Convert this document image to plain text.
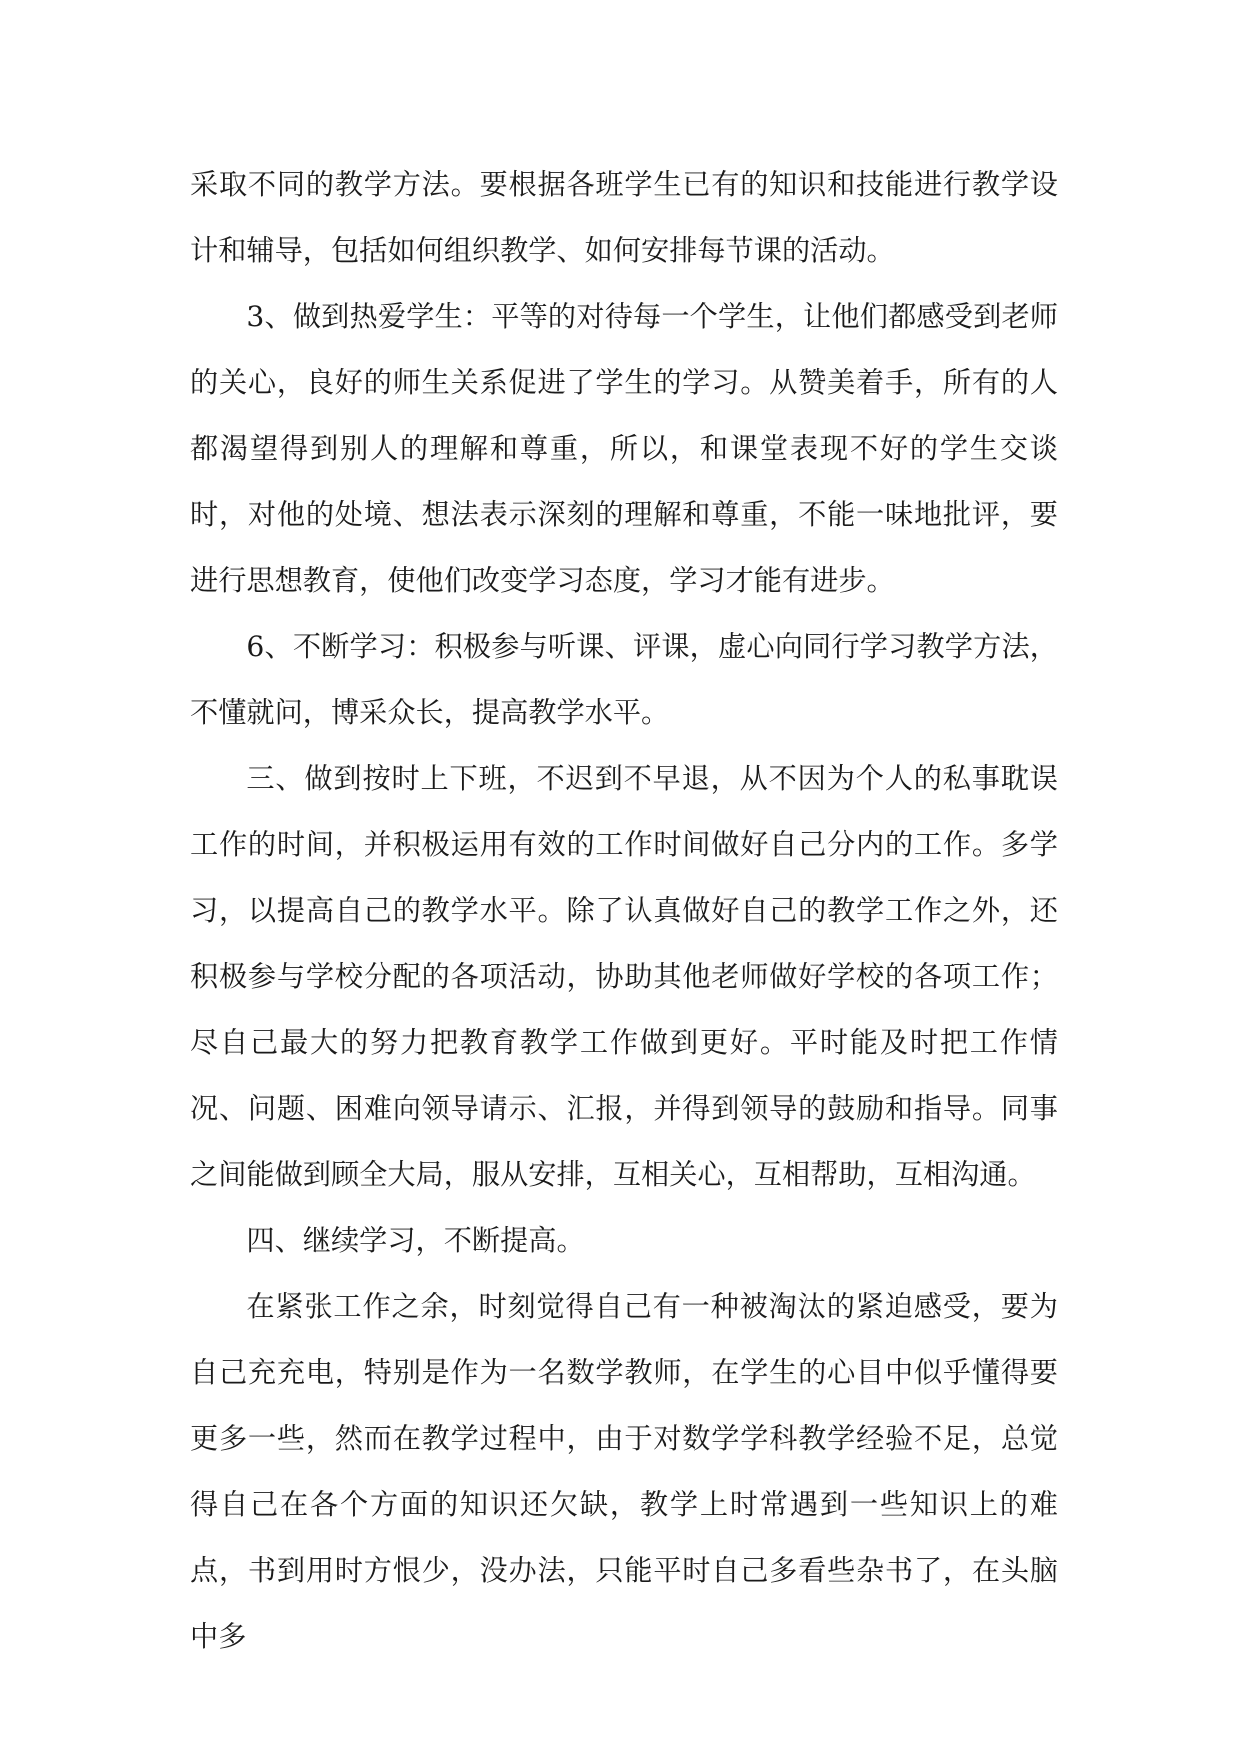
采取不同的教学方法。要根据各班学生已有的知识和技能进行教学设计和辅导，包括如何组织教学、如何安排每节课的活动。

3、做到热爱学生：平等的对待每一个学生，让他们都感受到老师的关心，良好的师生关系促进了学生的学习。从赞美着手，所有的人都渴望得到别人的理解和尊重，所以，和课堂表现不好的学生交谈时，对他的处境、想法表示深刻的理解和尊重，不能一味地批评，要进行思想教育，使他们改变学习态度，学习才能有进步。

6、不断学习：积极参与听课、评课，虚心向同行学习教学方法，不懂就问，博采众长，提高教学水平。

三、做到按时上下班，不迟到不早退，从不因为个人的私事耽误工作的时间，并积极运用有效的工作时间做好自己分内的工作。多学习，以提高自己的教学水平。除了认真做好自己的教学工作之外，还积极参与学校分配的各项活动，协助其他老师做好学校的各项工作；尽自己最大的努力把教育教学工作做到更好。平时能及时把工作情况、问题、困难向领导请示、汇报，并得到领导的鼓励和指导。同事之间能做到顾全大局，服从安排，互相关心，互相帮助，互相沟通。

四、继续学习，不断提高。

在紧张工作之余，时刻觉得自己有一种被淘汰的紧迫感受，要为自己充充电，特别是作为一名数学教师，在学生的心目中似乎懂得要更多一些，然而在教学过程中，由于对数学学科教学经验不足，总觉得自己在各个方面的知识还欠缺，教学上时常遇到一些知识上的难点，书到用时方恨少，没办法，只能平时自己多看些杂书了，在头脑中多
